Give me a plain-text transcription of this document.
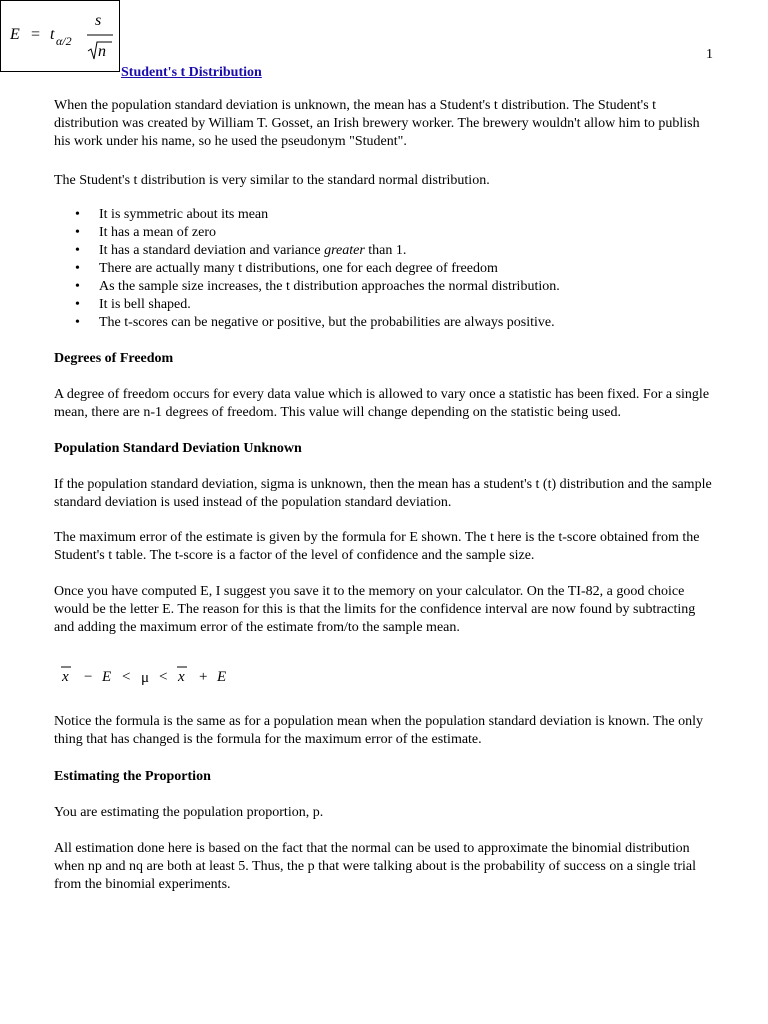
E = t α/2
s
n	1
Student's t Distribution

When the population standard deviation is unknown, the mean has a Student's t distribution. The Student's t distribution was created by William T. Gosset, an Irish brewery worker. The brewery wouldn't allow him to publish his work under his name, so he used the pseudonym "Student".

The Student's t distribution is very similar to the standard normal distribution.

• It is symmetric about its mean
• It has a mean of zero
• It has a standard deviation and variance greater than 1.
• There are actually many t distributions, one for each degree of freedom
• As the sample size increases, the t distribution approaches the normal distribution.
• It is bell shaped.
• The t-scores can be negative or positive, but the probabilities are always positive.
Degrees of Freedom

A degree of freedom occurs for every data value which is allowed to vary once a statistic has been fixed. For a single mean, there are n-1 degrees of freedom. This value will change depending on the statistic being used.

Population Standard Deviation Unknown

If the population standard deviation, sigma is unknown, then the mean has a student's t (t) distribution and the sample standard deviation is used instead of the population standard deviation.

The maximum error of the estimate is given by the formula for E shown. The t here is the t-score obtained from the Student's t table. The t-score is a factor of the level of confidence and the sample size.

Once you have computed E, I suggest you save it to the memory on your calculator. On the TI-82, a good choice would be the letter E. The reason for this is that the limits for the confidence interval are now found by subtracting and adding the maximum error of the estimate from/to the sample mean.

x − E < μ < x + E

Notice the formula is the same as for a population mean when the population standard deviation is known. The only thing that has changed is the formula for the maximum error of the estimate.

Estimating the Proportion

You are estimating the population proportion, p.

All estimation done here is based on the fact that the normal can be used to approximate the binomial distribution when np and nq are both at least 5. Thus, the p that were talking about is the probability of success on a single trial from the binomial experiments.
